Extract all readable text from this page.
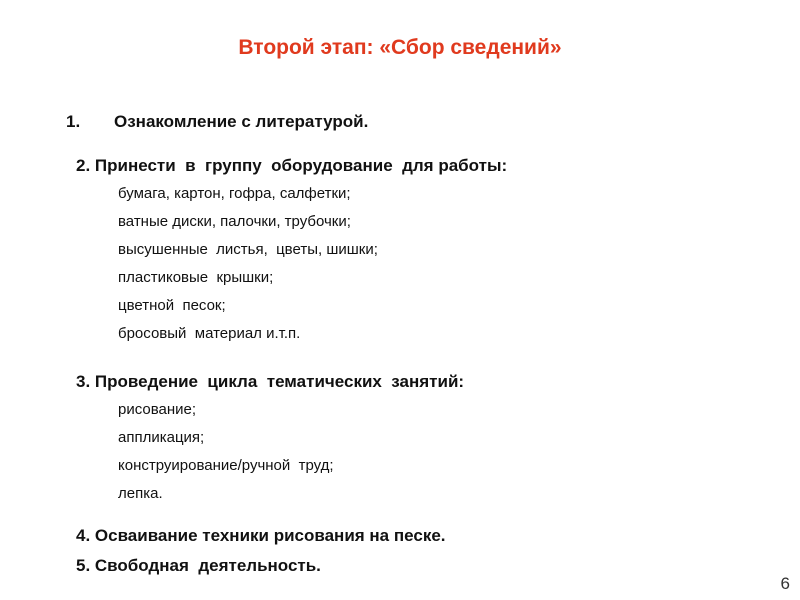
Второй этап: «Сбор сведений»
1. Ознакомление с литературой.
2. Принести  в  группу  оборудование  для работы:
бумага, картон, гофра, салфетки;
ватные диски, палочки, трубочки;
высушенные  листья,  цветы, шишки;
пластиковые  крышки;
цветной  песок;
бросовый  материал и.т.п.
3. Проведение  цикла  тематических  занятий:
рисование;
аппликация;
конструирование/ручной  труд;
лепка.
4. Осваивание техники рисования на песке.
5. Свободная  деятельность.
6
